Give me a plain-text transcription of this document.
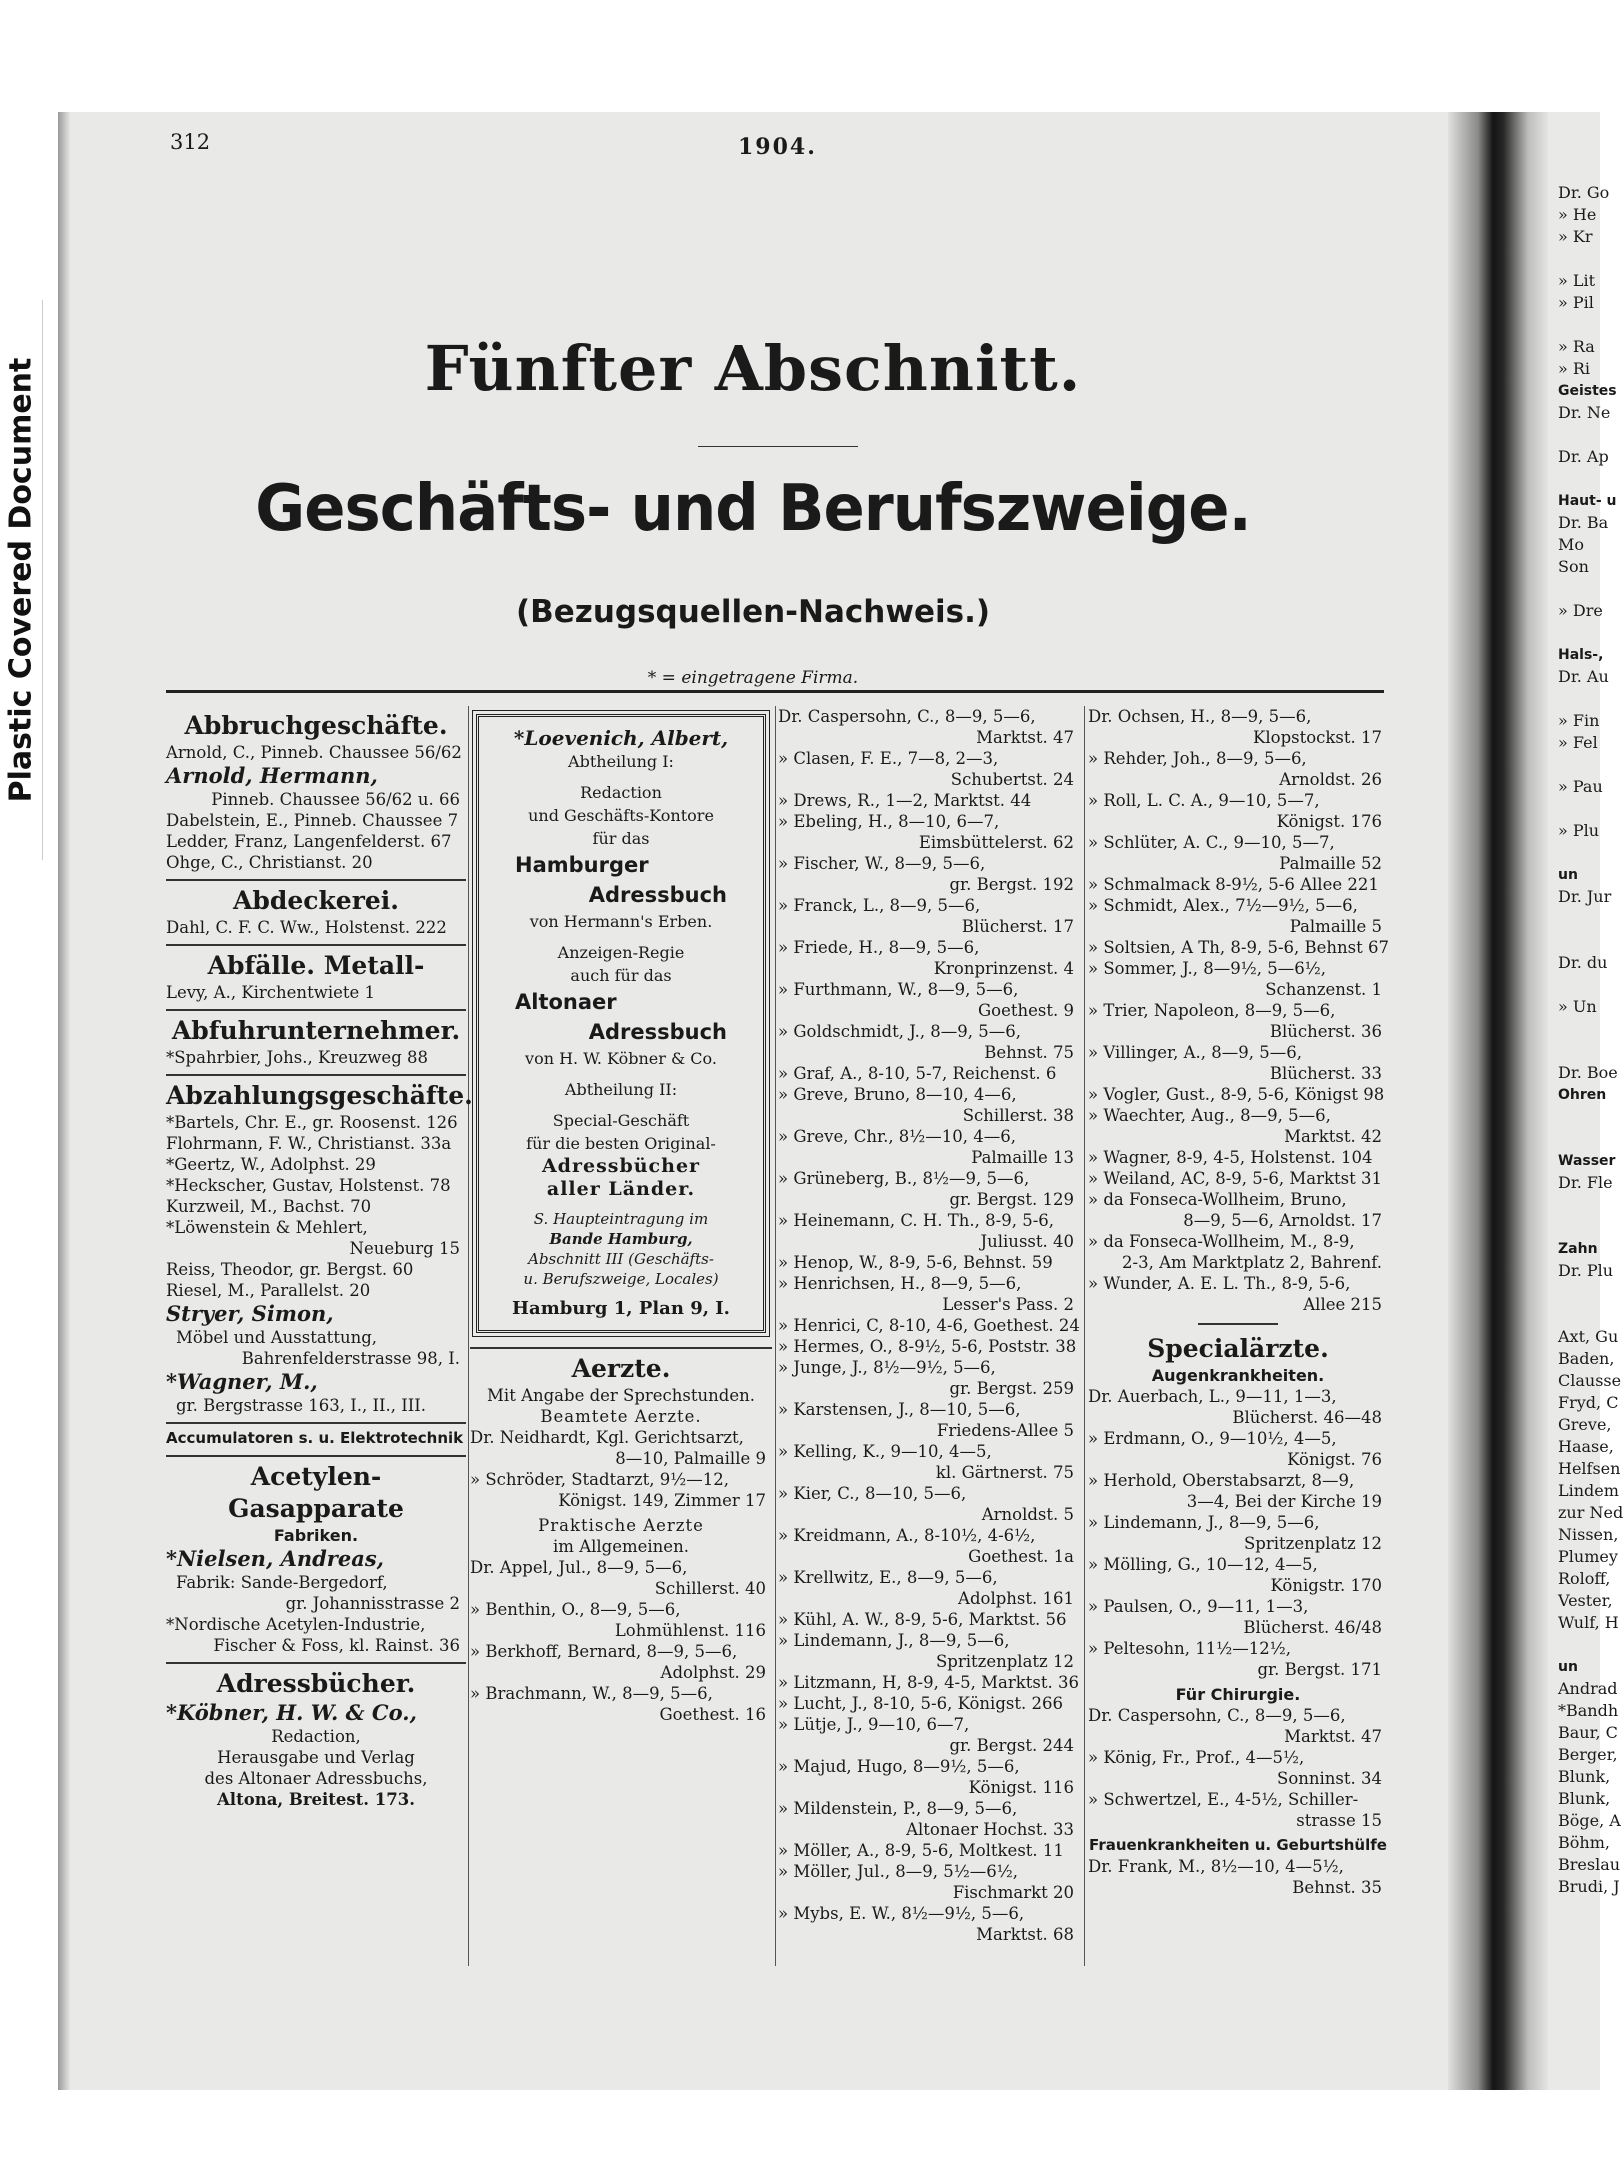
Plastic Covered Document
312	1904.
Fünfter Abschnitt.
Geschäfts- und Berufszweige.
(Bezugsquellen-Nachweis.)
* = eingetragene Firma.
Abbruchgeschäfte.
Arnold, C., Pinneb. Chaussee 56/62
Arnold, Hermann,
Pinneb. Chaussee 56/62 u. 66
Dabelstein, E., Pinneb. Chaussee 7
Ledder, Franz, Langenfelderst. 67
Ohge, C., Christianst. 20
Abdeckerei.
Dahl, C. F. C. Ww., Holstenst. 222
Abfälle. Metall-
Levy, A., Kirchentwiete 1
Abfuhrunternehmer.
*Spahrbier, Johs., Kreuzweg 88
Abzahlungsgeschäfte.
*Bartels, Chr. E., gr. Roosenst. 126
Flohrmann, F. W., Christianst. 33a
*Geertz, W., Adolphst. 29
*Heckscher, Gustav, Holstenst. 78
Kurzweil, M., Bachst. 70
*Löwenstein & Mehlert,
Neueburg 15
Reiss, Theodor, gr. Bergst. 60
Riesel, M., Parallelst. 20
Stryer, Simon,
Möbel und Ausstattung,
Bahrenfelderstrasse 98, I.
*Wagner, M.,
gr. Bergstrasse 163, I., II., III.
Accumulatoren s. u. Elektrotechnik
Acetylen-Gasapparate
Fabriken.
*Nielsen, Andreas,
Fabrik: Sande-Bergedorf,
gr. Johannisstrasse 2
*Nordische Acetylen-Industrie,
Fischer & Foss, kl. Rainst. 36
Adressbücher.
*Köbner, H. W. & Co.,
Redaction,
Herausgabe und Verlag
des Altonaer Adressbuchs,
Altona, Breitest. 173.
*Loevenich, Albert,
Abtheilung I:
Redaction
und Geschäfts-Kontore
für das
Hamburger
Adressbuch
von Hermann's Erben.
Anzeigen-Regie
auch für das
Altonaer
Adressbuch
von H. W. Köbner & Co.
Abtheilung II:
Special-Geschäft
für die besten Original-
Adressbücher
aller Länder.
S. Haupteintragung im
Bande Hamburg,
Abschnitt III (Geschäfts-
u. Berufszweige, Locales)
Hamburg 1, Plan 9, I.
Aerzte.
Mit Angabe der Sprechstunden.
Beamtete Aerzte.
Dr. Neidhardt, Kgl. Gerichtsarzt,
8—10, Palmaille 9
» Schröder, Stadtarzt, 9½—12,
Königst. 149, Zimmer 17
Praktische Aerzte
im Allgemeinen.
Dr. Appel, Jul., 8—9, 5—6,
Schillerst. 40
» Benthin, O., 8—9, 5—6,
Lohmühlenst. 116
» Berkhoff, Bernard, 8—9, 5—6,
Adolphst. 29
» Brachmann, W., 8—9, 5—6,
Goethest. 16
Dr. Caspersohn, C., 8—9, 5—6,
Marktst. 47
» Clasen, F. E., 7—8, 2—3,
Schubertst. 24
» Drews, R., 1—2, Marktst. 44
» Ebeling, H., 8—10, 6—7,
Eimsbüttelerst. 62
» Fischer, W., 8—9, 5—6,
gr. Bergst. 192
» Franck, L., 8—9, 5—6,
Blücherst. 17
» Friede, H., 8—9, 5—6,
Kronprinzenst. 4
» Furthmann, W., 8—9, 5—6,
Goethest. 9
» Goldschmidt, J., 8—9, 5—6,
Behnst. 75
» Graf, A., 8-10, 5-7, Reichenst. 6
» Greve, Bruno, 8—10, 4—6,
Schillerst. 38
» Greve, Chr., 8½—10, 4—6,
Palmaille 13
» Grüneberg, B., 8½—9, 5—6,
gr. Bergst. 129
» Heinemann, C. H. Th., 8-9, 5-6,
Juliusst. 40
» Henop, W., 8-9, 5-6, Behnst. 59
» Henrichsen, H., 8—9, 5—6,
Lesser's Pass. 2
» Henrici, C, 8-10, 4-6, Goethest. 24
» Hermes, O., 8-9½, 5-6, Poststr. 38
» Junge, J., 8½—9½, 5—6,
gr. Bergst. 259
» Karstensen, J., 8—10, 5—6,
Friedens-Allee 5
» Kelling, K., 9—10, 4—5,
kl. Gärtnerst. 75
» Kier, C., 8—10, 5—6,
Arnoldst. 5
» Kreidmann, A., 8-10½, 4-6½,
Goethest. 1a
» Krellwitz, E., 8—9, 5—6,
Adolphst. 161
» Kühl, A. W., 8-9, 5-6, Marktst. 56
» Lindemann, J., 8—9, 5—6,
Spritzenplatz 12
» Litzmann, H, 8-9, 4-5, Marktst. 36
» Lucht, J., 8-10, 5-6, Königst. 266
» Lütje, J., 9—10, 6—7,
gr. Bergst. 244
» Majud, Hugo, 8—9½, 5—6,
Königst. 116
» Mildenstein, P., 8—9, 5—6,
Altonaer Hochst. 33
» Möller, A., 8-9, 5-6, Moltkest. 11
» Möller, Jul., 8—9, 5½—6½,
Fischmarkt 20
» Mybs, E. W., 8½—9½, 5—6,
Marktst. 68
Dr. Ochsen, H., 8—9, 5—6,
Klopstockst. 17
» Rehder, Joh., 8—9, 5—6,
Arnoldst. 26
» Roll, L. C. A., 9—10, 5—7,
Königst. 176
» Schlüter, A. C., 9—10, 5—7,
Palmaille 52
» Schmalmack 8-9½, 5-6 Allee 221
» Schmidt, Alex., 7½—9½, 5—6,
Palmaille 5
» Soltsien, A Th, 8-9, 5-6, Behnst 67
» Sommer, J., 8—9½, 5—6½,
Schanzenst. 1
» Trier, Napoleon, 8—9, 5—6,
Blücherst. 36
» Villinger, A., 8—9, 5—6,
Blücherst. 33
» Vogler, Gust., 8-9, 5-6, Königst 98
» Waechter, Aug., 8—9, 5—6,
Marktst. 42
» Wagner, 8-9, 4-5, Holstenst. 104
» Weiland, AC, 8-9, 5-6, Marktst 31
» da Fonseca-Wollheim, Bruno,
8—9, 5—6, Arnoldst. 17
» da Fonseca-Wollheim, M., 8-9,
2-3, Am Marktplatz 2, Bahrenf.
» Wunder, A. E. L. Th., 8-9, 5-6,
Allee 215
Specialärzte.
Augenkrankheiten.
Dr. Auerbach, L., 9—11, 1—3,
Blücherst. 46—48
» Erdmann, O., 9—10½, 4—5,
Königst. 76
» Herhold, Oberstabsarzt, 8—9,
3—4, Bei der Kirche 19
» Lindemann, J., 8—9, 5—6,
Spritzenplatz 12
» Mölling, G., 10—12, 4—5,
Königstr. 170
» Paulsen, O., 9—11, 1—3,
Blücherst. 46/48
» Peltesohn, 11½—12½,
gr. Bergst. 171
Für Chirurgie.
Dr. Caspersohn, C., 8—9, 5—6,
Marktst. 47
» König, Fr., Prof., 4—5½,
Sonninst. 34
» Schwertzel, E., 4-5½, Schiller-
strasse 15
Frauenkrankheiten u. Geburtshülfe
Dr. Frank, M., 8½—10, 4—5½,
Behnst. 35
Dr. Go
» He
» Kr

» Lit
» Pil

» Ra
» Ri
Geistes
Dr. Ne

Dr. Ap

Haut- u
Dr. Ba
Mo
Son

» Dre

Hals-,
Dr. Au

» Fin
» Fel

» Pau

» Plu

un
Dr. Jur

Dr. du

» Un

Dr. Boe
Ohren

Wasser
Dr. Fle

Zahn
Dr. Plu

Axt, Gu
Baden,
Clausse
Fryd, C
Greve,
Haase,
Helfsen
Lindem
zur Ned
Nissen,
Plumey
Roloff,
Vester,
Wulf, H

un
Andrad
*Bandh
Baur, C
Berger,
Blunk,
Blunk,
Böge, A
Böhm,
Breslau
Brudi, J
